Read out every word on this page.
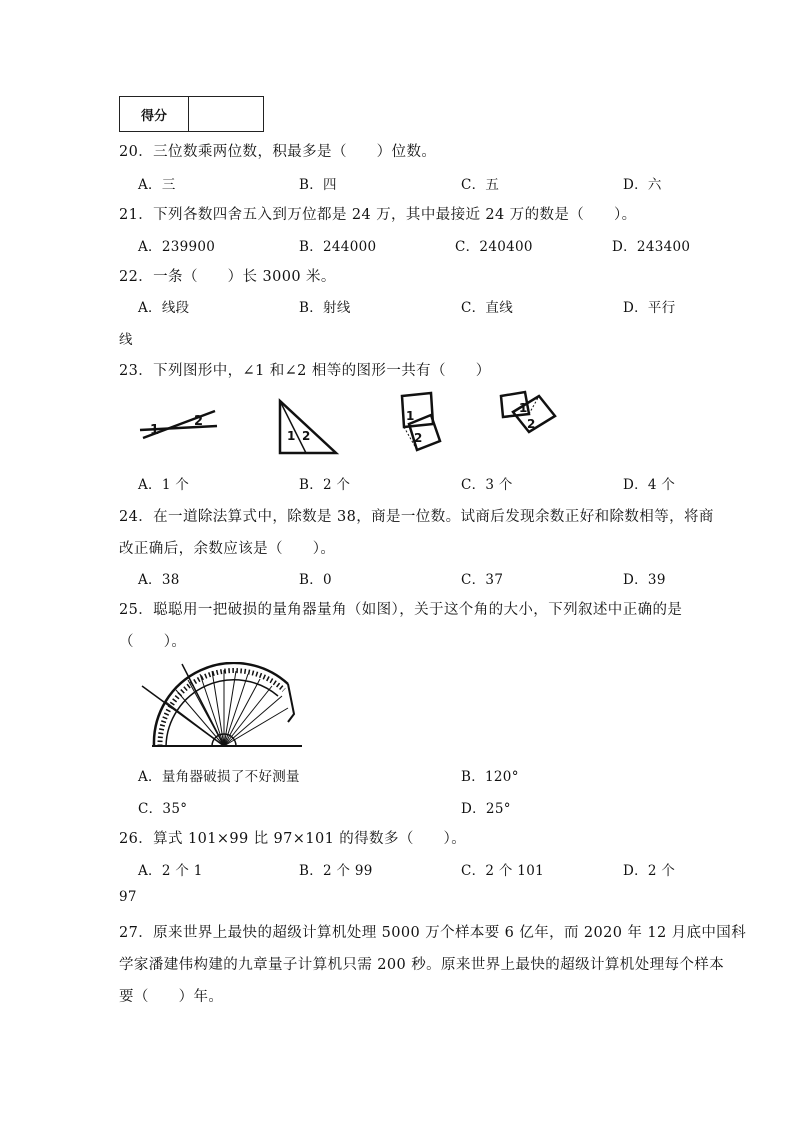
得分
20．三位数乘两位数，积最多是（　　）位数。
A．三	B．四	C．五	D．六
21．下列各数四舍五入到万位都是 24 万，其中最接近 24 万的数是（　　）。
A．239900	B．244000	C．240400	D．243400
22．一条（　　）长 3000 米。
A．线段	B．射线	C．直线	D．平行
线
23．下列图形中，∠1 和∠2 相等的图形一共有（　　）
1
2
1 2
1
2
1
2
A．1 个	B．2 个	C．3 个	D．4 个
24．在一道除法算式中，除数是 38，商是一位数。试商后发现余数正好和除数相等，将商
改正确后，余数应该是（　　）。
A．38	B．0	C．37	D．39
25．聪聪用一把破损的量角器量角（如图），关于这个角的大小，下列叙述中正确的是
（　　）。
A．量角器破损了不好测量	B．120°
C．35°	D．25°
26．算式 101×99 比 97×101 的得数多（　　）。
A．2 个 1	B．2 个 99	C．2 个 101	D．2 个
97
27．原来世界上最快的超级计算机处理 5000 万个样本要 6 亿年，而 2020 年 12 月底中国科
学家潘建伟构建的九章量子计算机只需 200 秒。原来世界上最快的超级计算机处理每个样本
要（　　）年。
